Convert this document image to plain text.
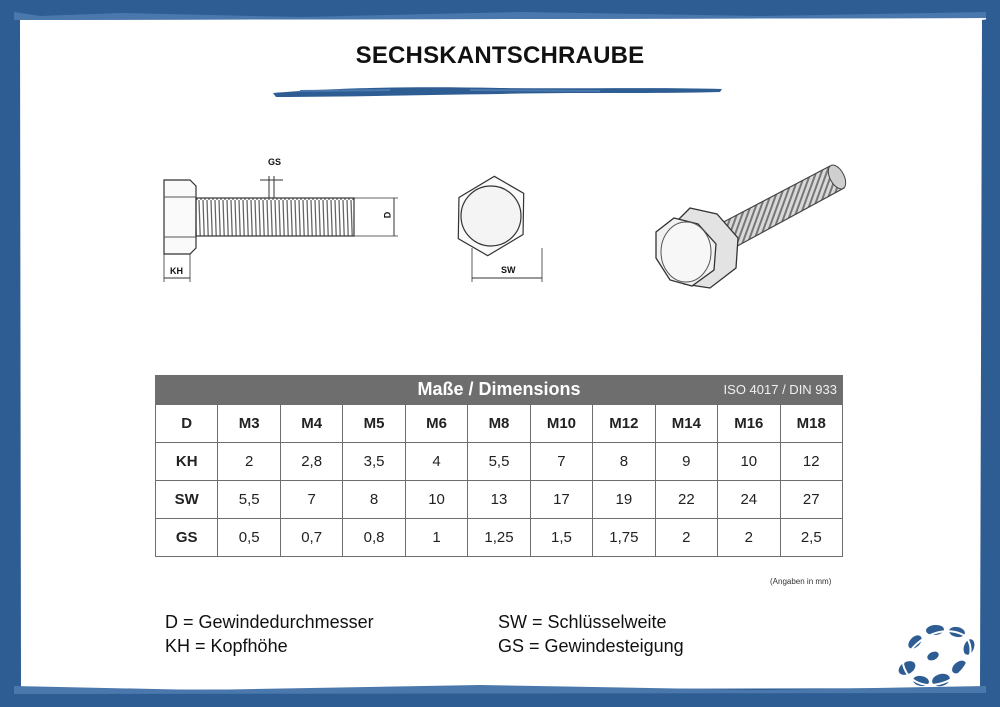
SECHSKANTSCHRAUBE
GS
D
KH	SW
Maße / Dimensions	ISO 4017 / DIN 933
D	M3	M4	M5	M6	M8	M10	M12	M14	M16	M18
KH	2	2,8	3,5	4	5,5	7	8	9	10	12
SW	5,5	7	8	10	13	17	19	22	24	27
GS	0,5	0,7	0,8	1	1,25	1,5	1,75	2	2	2,5
(Angaben in mm)
D = Gewindedurchmesser
KH = Kopfhöhe
SW = Schlüsselweite
GS = Gewindesteigung
